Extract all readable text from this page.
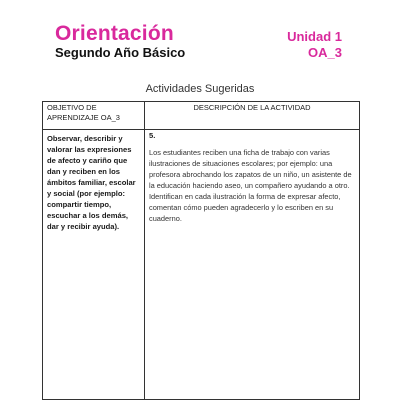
Orientación
Segundo Año Básico
Unidad 1
OA_3
Actividades Sugeridas
OBJETIVO DE APRENDIZAJE OA_3	DESCRIPCIÓN DE LA ACTIVIDAD

Observar, describir y valorar las expresiones de afecto y cariño que dan y reciben en los ámbitos familiar, escolar y social (por ejemplo: compartir tiempo, escuchar a los demás, dar y recibir ayuda).	5.
Los estudiantes reciben una ficha de trabajo con varias ilustraciones de situaciones escolares; por ejemplo: una profesora abrochando los zapatos de un niño, un asistente de la educación haciendo aseo, un compañero ayudando a otro. Identifican en cada ilustración la forma de expresar afecto, comentan cómo pueden agradecerlo y lo escriben en su cuaderno.
